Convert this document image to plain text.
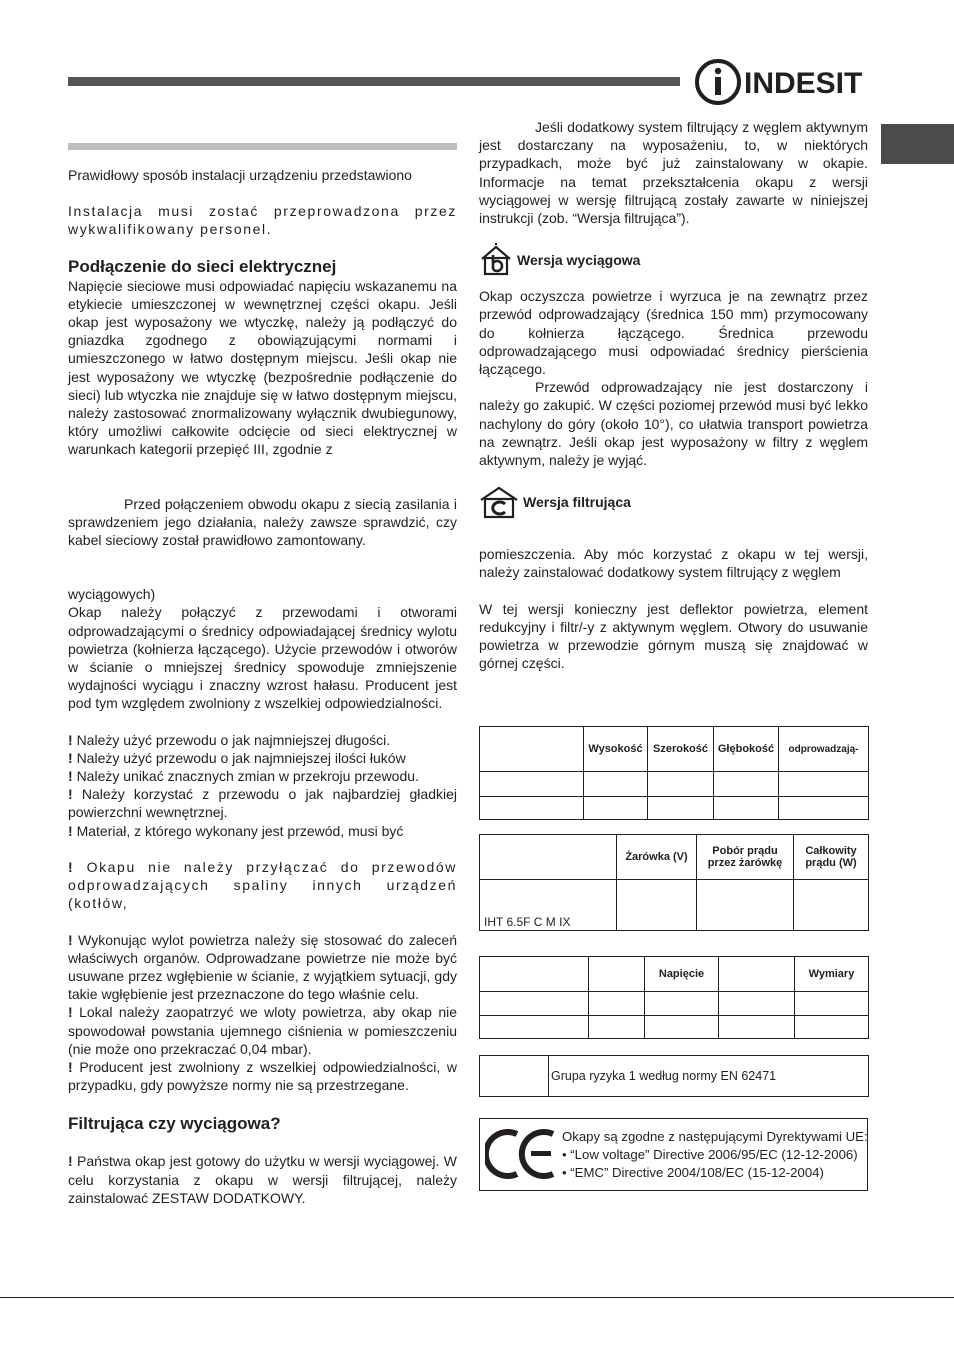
INDESIT

Prawidłowy sposób instalacji urządzeniu przedstawiono

Instalacja musi zostać przeprowadzona przez wykwalifikowany personel.

Podłączenie do sieci elektrycznej

Napięcie sieciowe musi odpowiadać napięciu wskazanemu na etykiecie umieszczonej w wewnętrznej części okapu. Jeśli okap jest wyposażony we wtyczkę, należy ją podłączyć do gniazdka zgodnego z obowiązującymi normami i umieszczonego w łatwo dostępnym miejscu. Jeśli okap nie jest wyposażony we wtyczkę (bezpośrednie podłączenie do sieci) lub wtyczka nie znajduje się w łatwo dostępnym miejscu, należy zastosować znormalizowany wyłącznik dwubiegunowy, który umożliwi całkowite odcięcie od sieci elektrycznej w warunkach kategorii przepięć III, zgodnie z

Przed połączeniem obwodu okapu z siecią zasilania i sprawdzeniem jego działania, należy zawsze sprawdzić, czy kabel sieciowy został prawidłowo zamontowany.

wyciągowych)

Okap należy połączyć z przewodami i otworami odprowadzającymi o średnicy odpowiadającej średnicy wylotu powietrza (kołnierza łączącego). Użycie przewodów i otworów w ścianie o mniejszej średnicy spowoduje zmniejszenie wydajności wyciągu i znaczny wzrost hałasu. Producent jest pod tym względem zwolniony z wszelkiej odpowiedzialności.

! Należy użyć przewodu o jak najmniejszej długości.

! Należy użyć przewodu o jak najmniejszej ilości łuków

! Należy unikać znacznych zmian w przekroju przewodu.

! Należy korzystać z przewodu o jak najbardziej gładkiej powierzchni wewnętrznej.

! Materiał, z którego wykonany jest przewód, musi być

! Okapu nie należy przyłączać do przewodów odprowadzających spaliny innych urządzeń (kotłów,

! Wykonując wylot powietrza należy się stosować do zaleceń właściwych organów. Odprowadzane powietrze nie może być usuwane przez wgłębienie w ścianie, z wyjątkiem sytuacji, gdy takie wgłębienie jest przeznaczone do tego właśnie celu.

! Lokal należy zaopatrzyć we wloty powietrza, aby okap nie spowodował powstania ujemnego ciśnienia w pomieszczeniu (nie może ono przekraczać 0,04 mbar).

! Producent jest zwolniony z wszelkiej odpowiedzialności, w przypadku, gdy powyższe normy nie są przestrzegane.

Filtrująca czy wyciągowa?

! Państwa okap jest gotowy do użytku w wersji wyciągowej. W celu korzystania z okapu w wersji filtrującej, należy zainstalować ZESTAW DODATKOWY.

Jeśli dodatkowy system filtrujący z węglem aktywnym jest dostarczany na wyposażeniu, to, w niektórych przypadkach, może być już zainstalowany w okapie. Informacje na temat przekształcenia okapu z wersji wyciągowej w wersję filtrującą zostały zawarte w niniejszej instrukcji (zob. “Wersja filtrująca”).

Wersja wyciągowa

Okap oczyszcza powietrze i wyrzuca je na zewnątrz przez przewód odprowadzający (średnica 150 mm) przymocowany do kołnierza łączącego. Średnica przewodu odprowadzającego musi odpowiadać średnicy pierścienia łączącego.

Przewód odprowadzający nie jest dostarczony i należy go zakupić. W części poziomej przewód musi być lekko nachylony do góry (około 10°), co ułatwia transport powietrza na zewnątrz. Jeśli okap jest wyposażony w filtry z węglem aktywnym, należy je wyjąć.

Wersja filtrująca

pomieszczenia. Aby móc korzystać z okapu w tej wersji, należy zainstalować dodatkowy system filtrujący z węglem

W tej wersji konieczny jest deflektor powietrza, element redukcyjny i filtr/-y z aktywnym węglem. Otwory do usuwanie powietrza w przewodzie górnym muszą się znajdować w górnej części.

	Wysokość	Szerokość	Głębokość	odprowadzają-

	Żarówka (V)	Pobór prądu przez żarówkę	Całkowity prądu (W)
IHT 6.5F C M IX			
		Napięcie		Wymiary

	Grupa ryzyka 1 według normy EN 62471
Okapy są zgodne z następującymi Dyrektywami UE:
• “Low voltage” Directive 2006/95/EC (12-12-2006)
• “EMC” Directive 2004/108/EC (15-12-2004)
